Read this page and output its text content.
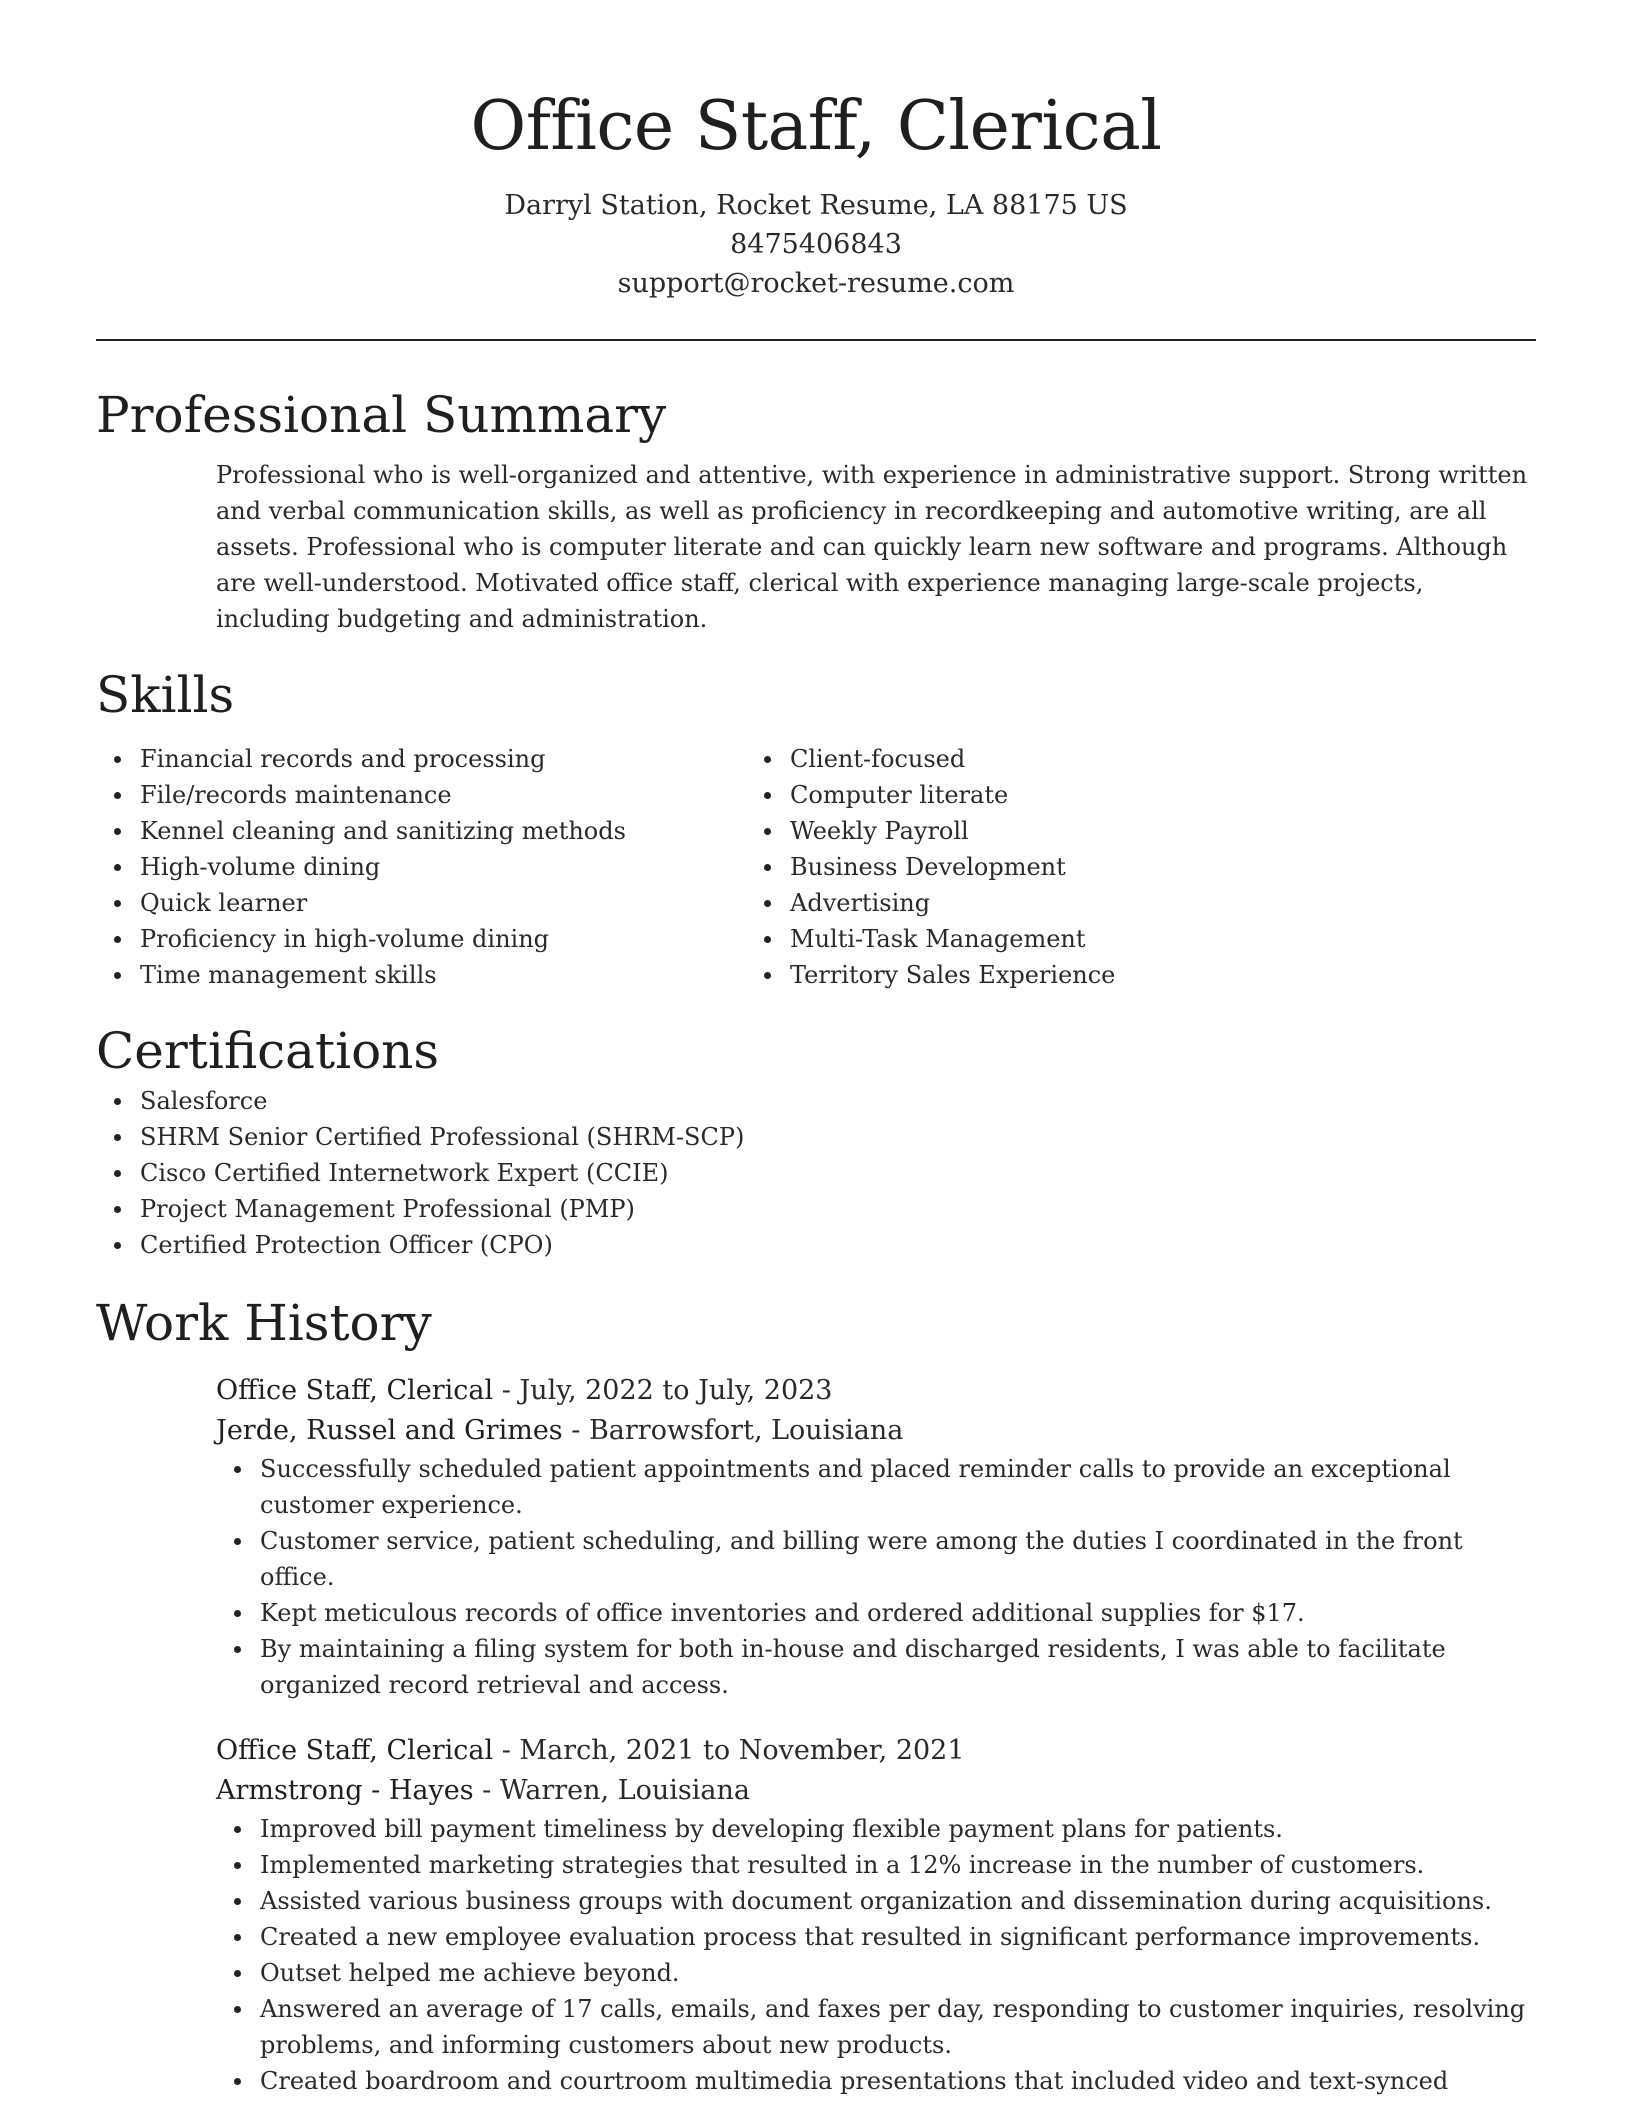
Office Staff, Clerical
Darryl Station, Rocket Resume, LA 88175 US
8475406843
support@rocket-resume.com
Professional Summary

Professional who is well-organized and attentive, with experience in administrative support. Strong written and verbal communication skills, as well as proficiency in recordkeeping and automotive writing, are all assets. Professional who is computer literate and can quickly learn new software and programs. Although are well-understood. Motivated office staff, clerical with experience managing large-scale projects, including budgeting and administration.

Skills
Financial records and processing
File/records maintenance
Kennel cleaning and sanitizing methods
High-volume dining
Quick learner
Proficiency in high-volume dining
Time management skills
Client-focused
Computer literate
Weekly Payroll
Business Development
Advertising
Multi-Task Management
Territory Sales Experience
Certifications
Salesforce
SHRM Senior Certified Professional (SHRM-SCP)
Cisco Certified Internetwork Expert (CCIE)
Project Management Professional (PMP)
Certified Protection Officer (CPO)
Work History
Office Staff, Clerical - July, 2022 to July, 2023
Jerde, Russel and Grimes - Barrowsfort, Louisiana
Successfully scheduled patient appointments and placed reminder calls to provide an exceptional customer experience.
Customer service, patient scheduling, and billing were among the duties I coordinated in the front office.
Kept meticulous records of office inventories and ordered additional supplies for $17.
By maintaining a filing system for both in-house and discharged residents, I was able to facilitate organized record retrieval and access.
Office Staff, Clerical - March, 2021 to November, 2021
Armstrong - Hayes - Warren, Louisiana
Improved bill payment timeliness by developing flexible payment plans for patients.
Implemented marketing strategies that resulted in a 12% increase in the number of customers.
Assisted various business groups with document organization and dissemination during acquisitions.
Created a new employee evaluation process that resulted in significant performance improvements.
Outset helped me achieve beyond.
Answered an average of 17 calls, emails, and faxes per day, responding to customer inquiries, resolving problems, and informing customers about new products.
Created boardroom and courtroom multimedia presentations that included video and text-synced
